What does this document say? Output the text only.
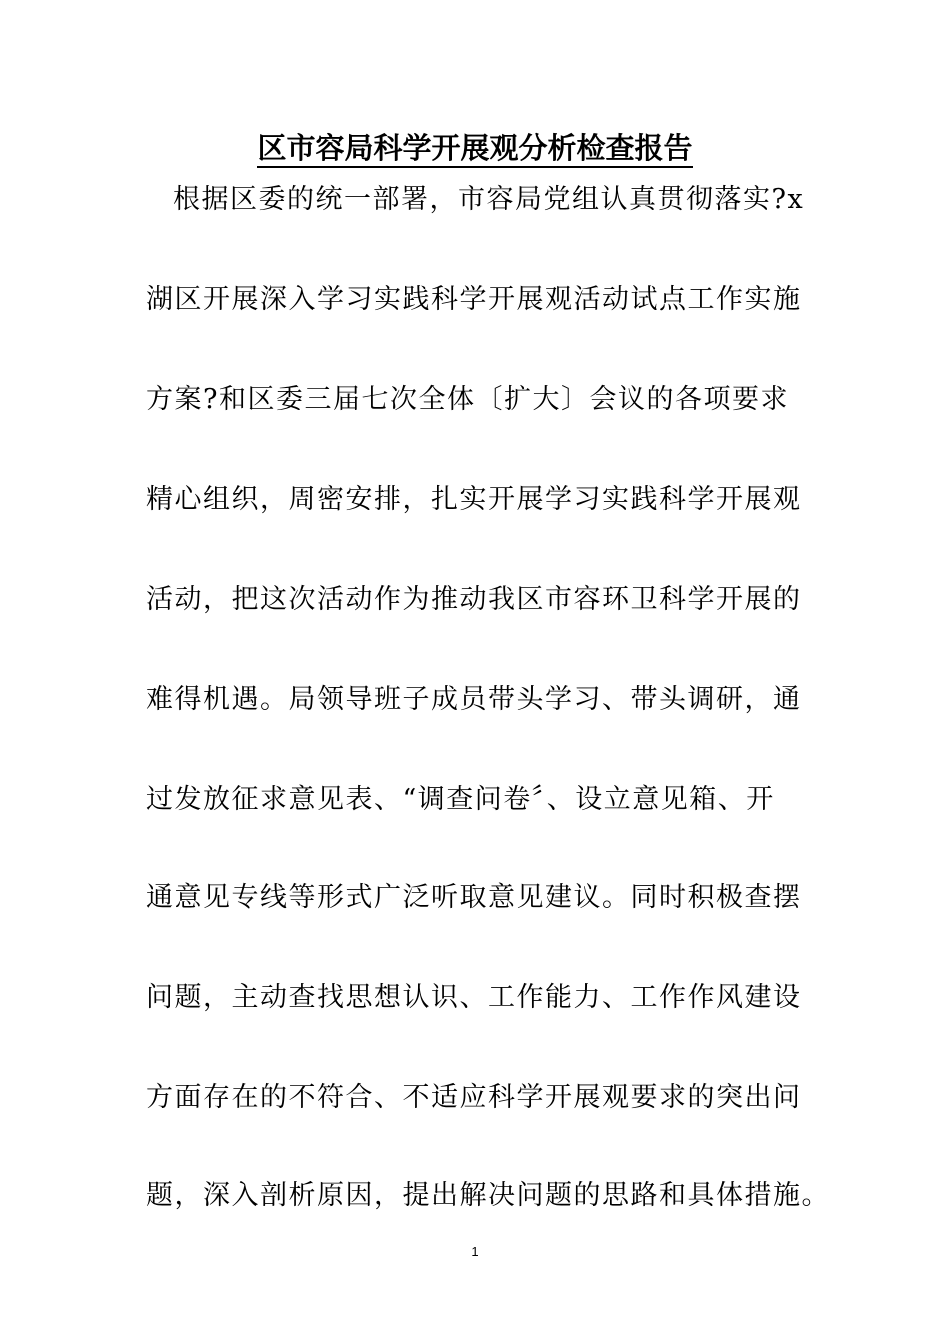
区市容局科学开展观分析检查报告
根据区委的统一部署，市容局党组认真贯彻落实?x
湖区开展深入学习实践科学开展观活动试点工作实施
方案?和区委三届七次全体〔扩大〕会议的各项要求
精心组织，周密安排，扎实开展学习实践科学开展观
活动，把这次活动作为推动我区市容环卫科学开展的
难得机遇。局领导班子成员带头学习、带头调研，通
过发放征求意见表、“调查问卷〞、设立意见箱、开
通意见专线等形式广泛听取意见建议。同时积极查摆
问题，主动查找思想认识、工作能力、工作作风建设
方面存在的不符合、不适应科学开展观要求的突出问
题，深入剖析原因，提出解决问题的思路和具体措施。
1
